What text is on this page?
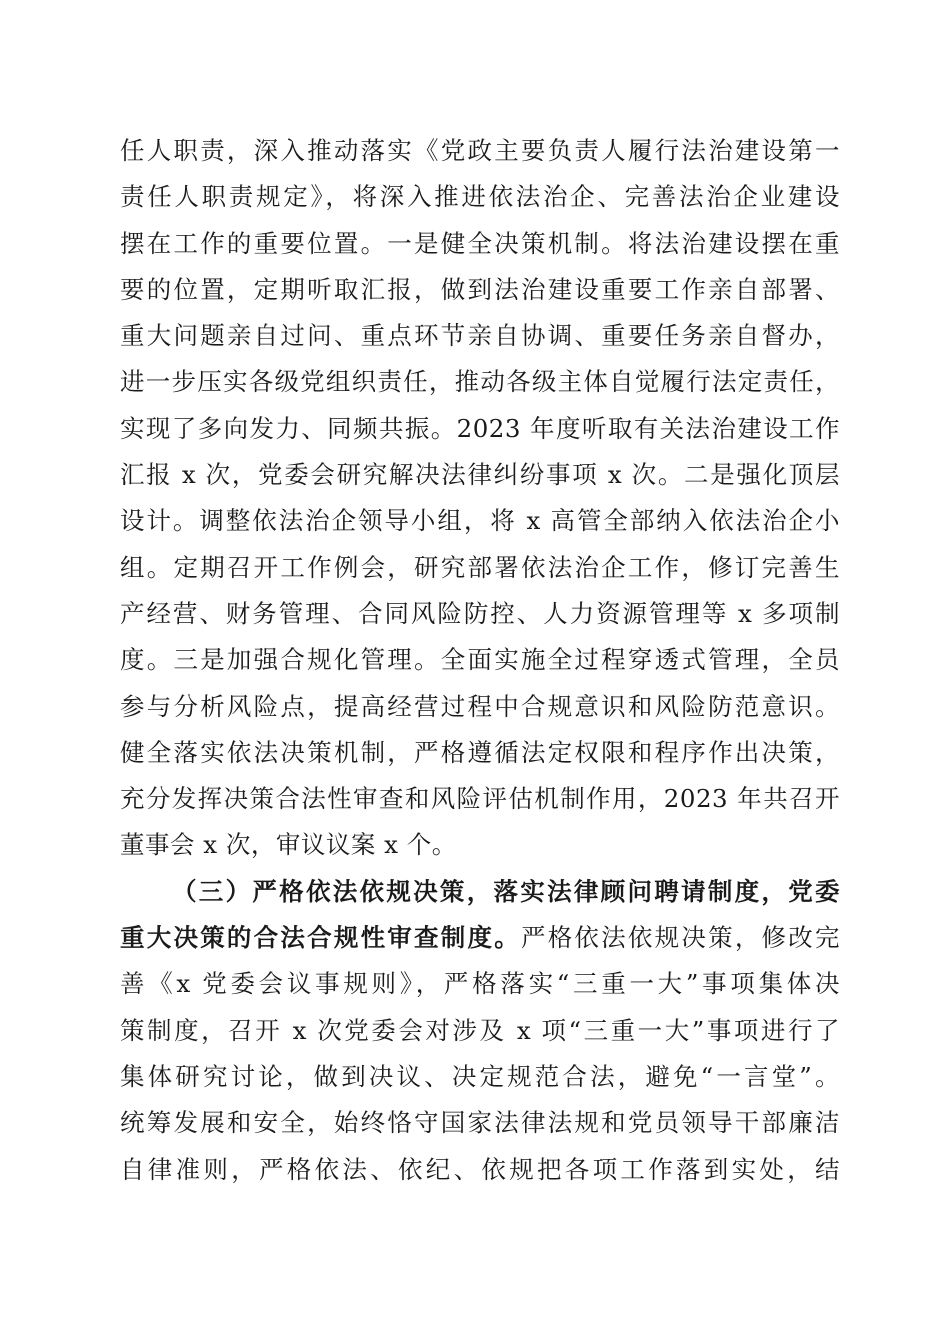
任人职责，深入推动落实《党政主要负责人履行法治建设第一
责任人职责规定》，将深入推进依法治企、完善法治企业建设
摆在工作的重要位置。一是健全决策机制。将法治建设摆在重
要的位置，定期听取汇报，做到法治建设重要工作亲自部署、
重大问题亲自过问、重点环节亲自协调、重要任务亲自督办，
进一步压实各级党组织责任，推动各级主体自觉履行法定责任，
实现了多向发力、同频共振。2023 年度听取有关法治建设工作
汇报 x 次，党委会研究解决法律纠纷事项 x 次。二是强化顶层
设计。调整依法治企领导小组，将 x 高管全部纳入依法治企小
组。定期召开工作例会，研究部署依法治企工作，修订完善生
产经营、财务管理、合同风险防控、人力资源管理等 x 多项制
度。三是加强合规化管理。全面实施全过程穿透式管理，全员
参与分析风险点，提高经营过程中合规意识和风险防范意识。
健全落实依法决策机制，严格遵循法定权限和程序作出决策，
充分发挥决策合法性审查和风险评估机制作用，2023 年共召开
董事会 x 次，审议议案 x 个。
（三）严格依法依规决策，落实法律顾问聘请制度，党委
重大决策的合法合规性审查制度。严格依法依规决策，修改完
善《x 党委会议事规则》，严格落实“三重一大”事项集体决
策制度，召开 x 次党委会对涉及 x 项“三重一大”事项进行了
集体研究讨论，做到决议、决定规范合法，避免“一言堂”。
统筹发展和安全，始终恪守国家法律法规和党员领导干部廉洁
自律准则，严格依法、依纪、依规把各项工作落到实处，结
